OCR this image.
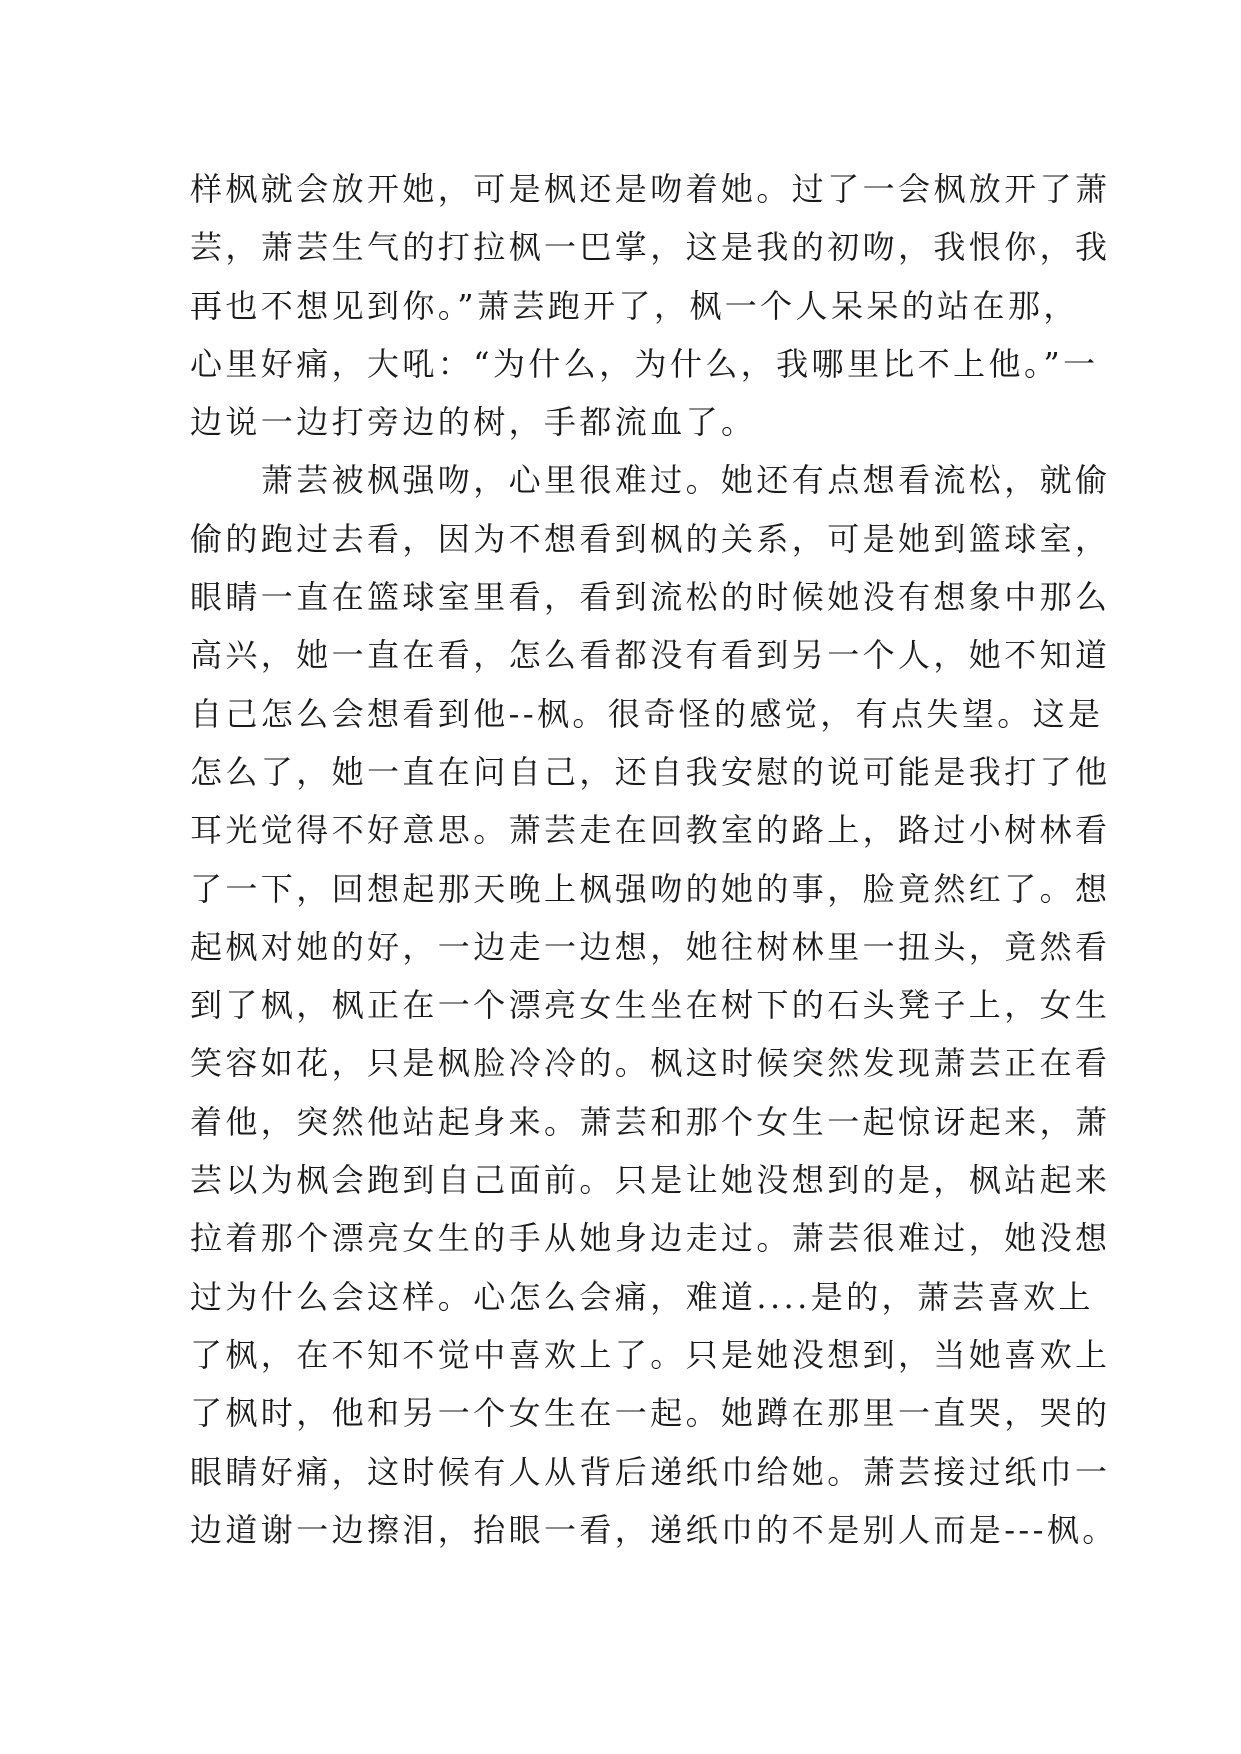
样枫就会放开她，可是枫还是吻着她。过了一会枫放开了萧
芸，萧芸生气的打拉枫一巴掌，这是我的初吻，我恨你，我
再也不想见到你。”萧芸跑开了，枫一个人呆呆的站在那，
心里好痛，大吼：“为什么，为什么，我哪里比不上他。”一
边说一边打旁边的树，手都流血了。
　　萧芸被枫强吻，心里很难过。她还有点想看流松，就偷
偷的跑过去看，因为不想看到枫的关系，可是她到篮球室，
眼睛一直在篮球室里看，看到流松的时候她没有想象中那么
高兴，她一直在看，怎么看都没有看到另一个人，她不知道
自己怎么会想看到他--枫。很奇怪的感觉，有点失望。这是
怎么了，她一直在问自己，还自我安慰的说可能是我打了他
耳光觉得不好意思。萧芸走在回教室的路上，路过小树林看
了一下，回想起那天晚上枫强吻的她的事，脸竟然红了。想
起枫对她的好，一边走一边想，她往树林里一扭头，竟然看
到了枫，枫正在一个漂亮女生坐在树下的石头凳子上，女生
笑容如花，只是枫脸冷冷的。枫这时候突然发现萧芸正在看
着他，突然他站起身来。萧芸和那个女生一起惊讶起来，萧
芸以为枫会跑到自己面前。只是让她没想到的是，枫站起来
拉着那个漂亮女生的手从她身边走过。萧芸很难过，她没想
过为什么会这样。心怎么会痛，难道....是的，萧芸喜欢上
了枫，在不知不觉中喜欢上了。只是她没想到，当她喜欢上
了枫时，他和另一个女生在一起。她蹲在那里一直哭，哭的
眼睛好痛，这时候有人从背后递纸巾给她。萧芸接过纸巾一
边道谢一边擦泪，抬眼一看，递纸巾的不是别人而是---枫。
